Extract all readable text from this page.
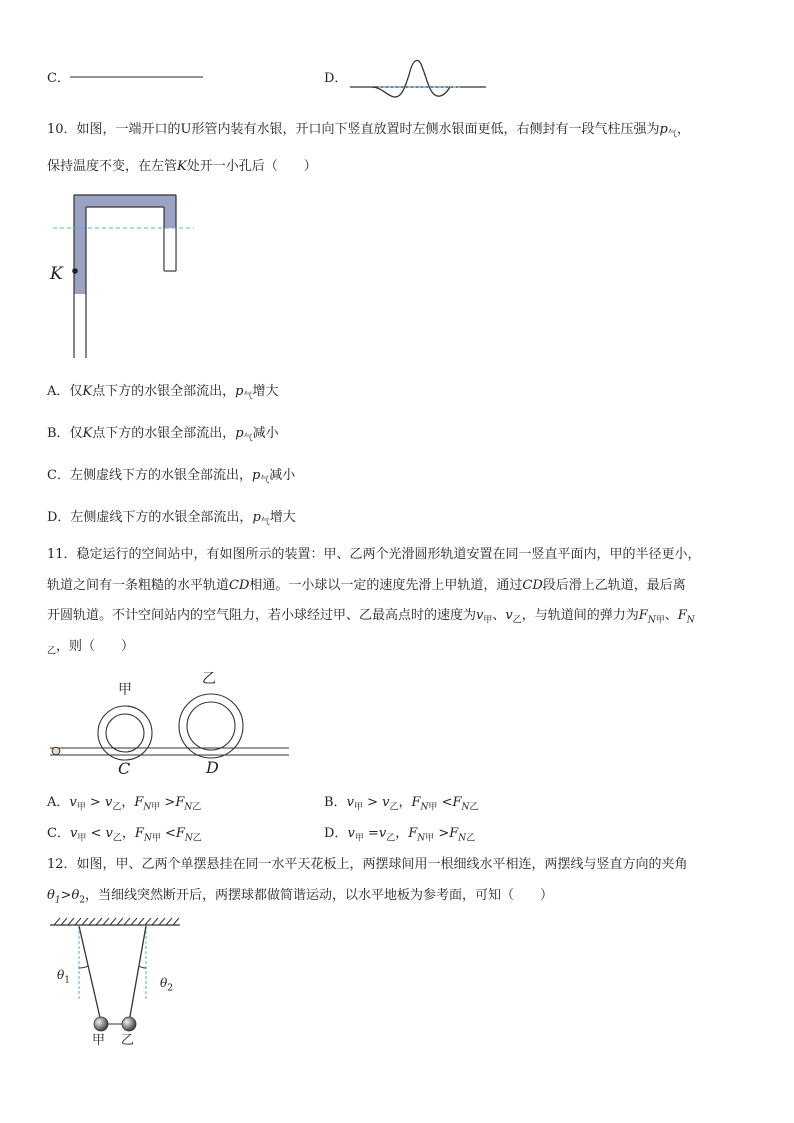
C．	D．
10．如图，一端开口的U形管内装有水银，开口向下竖直放置时左侧水银面更低，右侧封有一段气柱压强为$p_气$，
保持温度不变，在左管K处开一小孔后（　　）
K
A．仅K点下方的水银全部流出，$p_气$增大
B．仅K点下方的水银全部流出，$p_气$减小
C．左侧虚线下方的水银全部流出，$p_气$减小
D．左侧虚线下方的水银全部流出，$p_气$增大
11．稳定运行的空间站中，有如图所示的装置：甲、乙两个光滑圆形轨道安置在同一竖直平面内，甲的半径更小，
轨道之间有一条粗糙的水平轨道CD相通。一小球以一定的速度先滑上甲轨道，通过CD段后滑上乙轨道，最后离
开圆轨道。不计空间站内的空气阻力，若小球经过甲、乙最高点时的速度为$v_甲$、$v_乙$，与轨道间的弹力为$F_{N甲}$、$F_N$
$_乙$，则（　　）
甲
乙
C	D
A．$v_甲 > v_乙$，$F_{N甲} >F_{N乙}$	B．$v_甲 > v_乙$，$F_{N甲} <F_{N乙}$
C．$v_甲 < v_乙$，$F_{N甲} <F_{N乙}$	D．$v_甲 =v_乙$，$F_{N甲} >F_{N乙}$
12．如图，甲、乙两个单摆悬挂在同一水平天花板上，两摆球间用一根细线水平相连，两摆线与竖直方向的夹角
$\theta_1>\theta_2$，当细线突然断开后，两摆球都做简谐运动，以水平地板为参考面，可知（　　）
$\theta_1$	$\theta_2$
甲 乙
